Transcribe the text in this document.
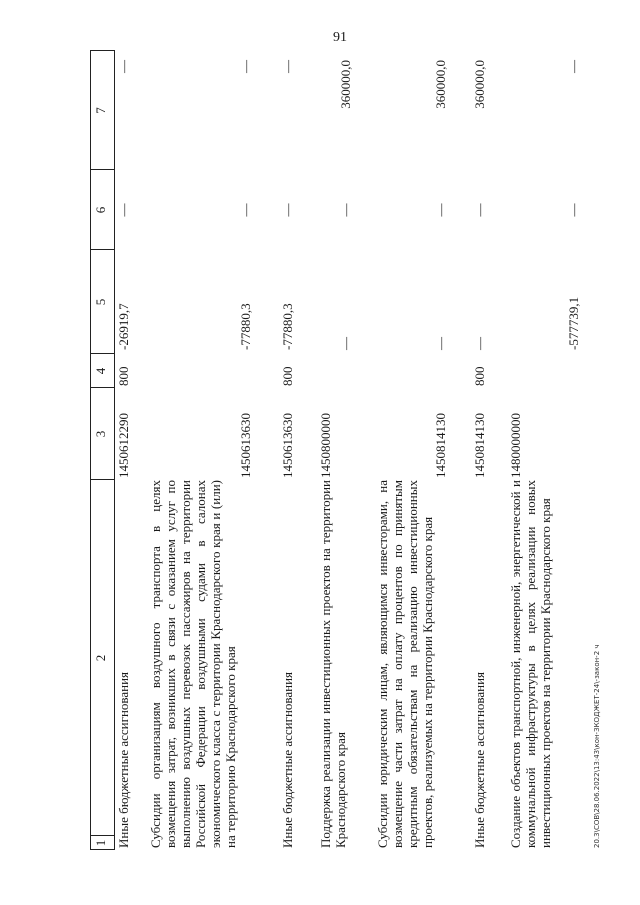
91
1
2
3
4
5
6
7
Иные бюджетные ассигнования
1450612290
800
-26919,7
—
—
Субсидии организациям воздушного транспорта в целях возмещения затрат, возникших в связи с оказанием услуг по выполнению воздушных перевозок пассажиров на территории Российской Федерации воздушными судами в салонах экономического класса с территории Краснодарского края и (или) на территорию Краснодарского края
1450613630
-77880,3
—
—
Иные бюджетные ассигнования
1450613630
800
-77880,3
—
—
Поддержка реализации инвестиционных проектов на территории Краснодарского края
1450800000
—
—
360000,0
Субсидии юридическим лицам, являющимся инвесторами, на возмещение части затрат на оплату процентов по принятым кредитным обязательствам на реализацию инвестиционных проектов, реализуемых на территории Краснодарского края
1450814130
—
—
360000,0
Иные бюджетные ассигнования
1450814130
800
—
—
360000,0
Создание объектов транспортной, инженерной, энергетической и коммунальной инфраструктуры в целях реализации новых инвестиционных проектов на территории Краснодарского края
1480000000
-577739,1
—
—
20.3\СОВ\28.06.2022\13:43\кон-ЗКОДЖЕТ-24\-закон-2 ч
